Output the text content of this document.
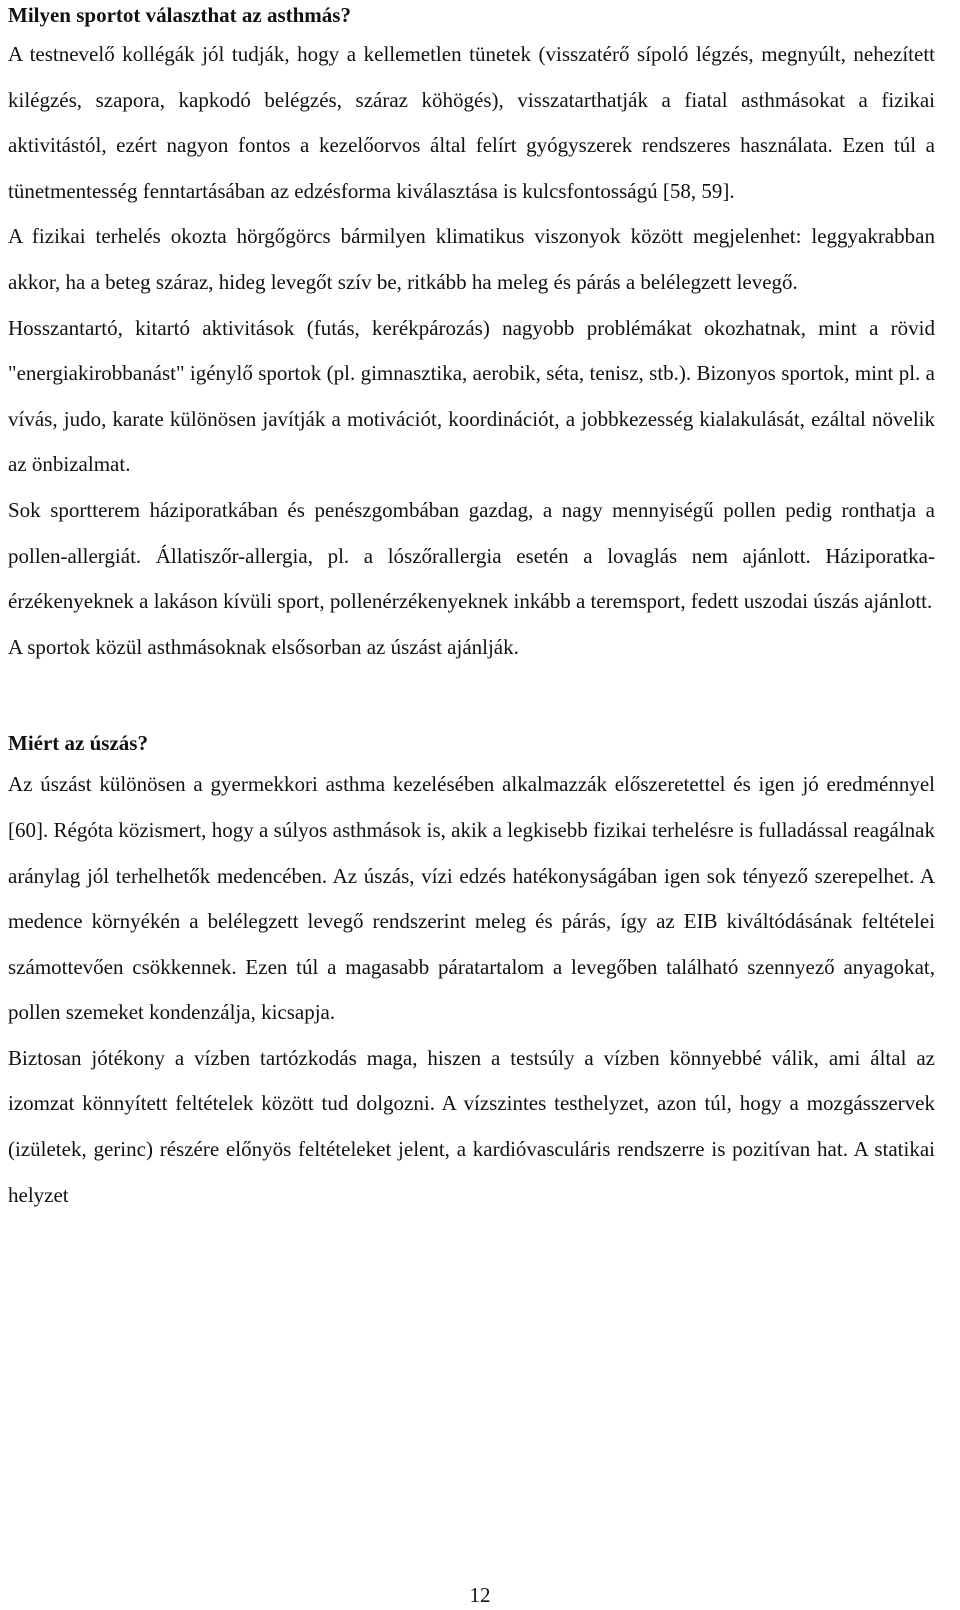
Milyen sportot választhat az asthmás?

A testnevelő kollégák jól tudják, hogy a kellemetlen tünetek (visszatérő sípoló légzés, megnyúlt, nehezített kilégzés, szapora, kapkodó belégzés, száraz köhögés), visszatarthatják a fiatal asthmásokat a fizikai aktivitástól, ezért nagyon fontos a kezelőorvos által felírt gyógyszerek rendszeres használata. Ezen túl a tünetmentesség fenntartásában az edzésforma kiválasztása is kulcsfontosságú [58, 59].

A fizikai terhelés okozta hörgőgörcs bármilyen klimatikus viszonyok között megjelenhet: leggyakrabban akkor, ha a beteg száraz, hideg levegőt szív be, ritkább ha meleg és párás a belélegzett levegő.

Hosszantartó, kitartó aktivitások (futás, kerékpározás) nagyobb problémákat okozhatnak, mint a rövid "energiakirobbanást" igénylő sportok (pl. gimnasztika, aerobik, séta, tenisz, stb.). Bizonyos sportok, mint pl. a vívás, judo, karate különösen javítják a motivációt, koordinációt, a jobbkezesség kialakulását, ezáltal növelik az önbizalmat.

Sok sportterem háziporatkában és penészgombában gazdag, a nagy mennyiségű pollen pedig ronthatja a pollen-allergiát. Állatiszőr-allergia, pl. a lószőrallergia esetén a lovaglás nem ajánlott. Háziporatka-érzékenyeknek a lakáson kívüli sport, pollenérzékenyeknek inkább a teremsport, fedett uszodai úszás ajánlott.

A sportok közül asthmásoknak elsősorban az úszást ajánlják.

Miért az úszás?

Az úszást különösen a gyermekkori asthma kezelésében alkalmazzák előszeretettel és igen jó eredménnyel [60]. Régóta közismert, hogy a súlyos asthmások is, akik a legkisebb fizikai terhelésre is fulladással reagálnak aránylag jól terhelhetők medencében. Az úszás, vízi edzés hatékonyságában igen sok tényező szerepelhet. A medence környékén a belélegzett levegő rendszerint meleg és párás, így az EIB kiváltódásának feltételei számottevően csökkennek. Ezen túl a magasabb páratartalom a levegőben található szennyező anyagokat, pollen szemeket kondenzálja, kicsapja.

Biztosan jótékony a vízben tartózkodás maga, hiszen a testsúly a vízben könnyebbé válik, ami által az izomzat könnyített feltételek között tud dolgozni. A vízszintes testhelyzet, azon túl, hogy a mozgásszervek (izületek, gerinc) részére előnyös feltételeket jelent, a kardióvasculáris rendszerre is pozitívan hat. A statikai helyzet

12
